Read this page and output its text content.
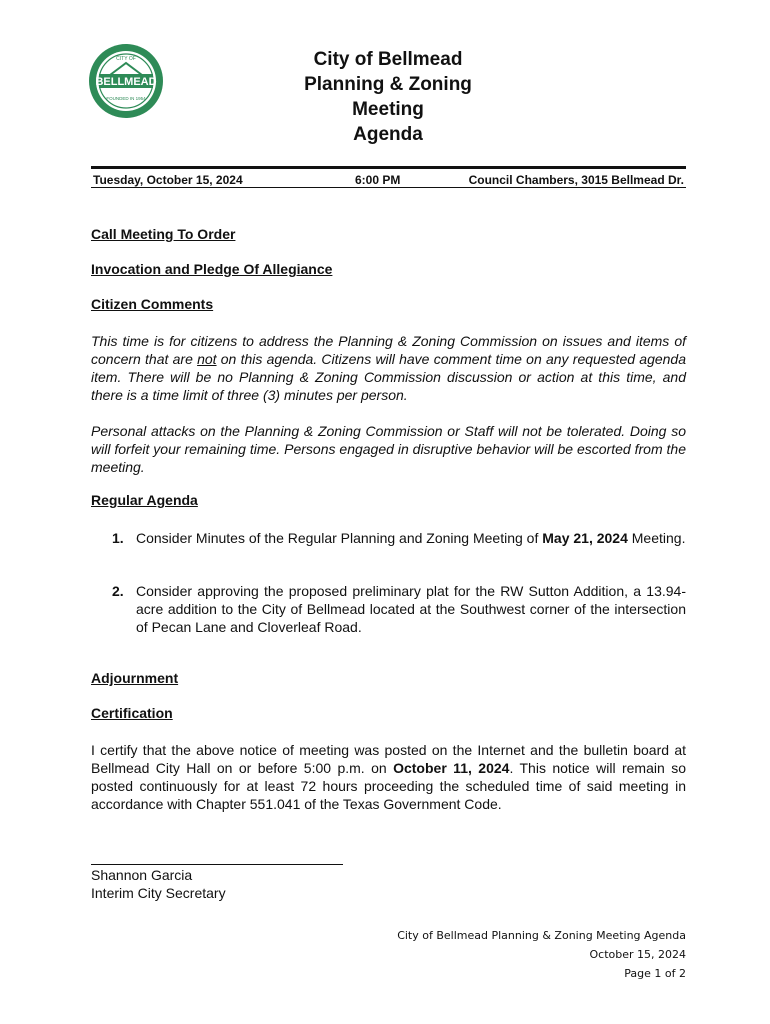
BELLMEAD
CITY OF
FOUNDED IN 1954
City of Bellmead
Planning & Zoning
Meeting
Agenda
Tuesday, October 15, 2024	6:00 PM	Council Chambers, 3015 Bellmead Dr.
Call Meeting To Order
Invocation and Pledge Of Allegiance
Citizen Comments
This time is for citizens to address the Planning & Zoning Commission on issues and items of concern that are not on this agenda. Citizens will have comment time on any requested agenda item. There will be no Planning & Zoning Commission discussion or action at this time, and there is a time limit of three (3) minutes per person.
Personal attacks on the Planning & Zoning Commission or Staff will not be tolerated. Doing so will forfeit your remaining time. Persons engaged in disruptive behavior will be escorted from the meeting.
Regular Agenda
1. Consider Minutes of the Regular Planning and Zoning Meeting of May 21, 2024 Meeting.
2. Consider approving the proposed preliminary plat for the RW Sutton Addition, a 13.94-acre addition to the City of Bellmead located at the Southwest corner of the intersection of Pecan Lane and Cloverleaf Road.
Adjournment
Certification
I certify that the above notice of meeting was posted on the Internet and the bulletin board at Bellmead City Hall on or before 5:00 p.m. on October 11, 2024. This notice will remain so posted continuously for at least 72 hours proceeding the scheduled time of said meeting in accordance with Chapter 551.041 of the Texas Government Code.
Shannon Garcia
Interim City Secretary
City of Bellmead Planning & Zoning Meeting Agenda
October 15, 2024
Page 1 of 2
